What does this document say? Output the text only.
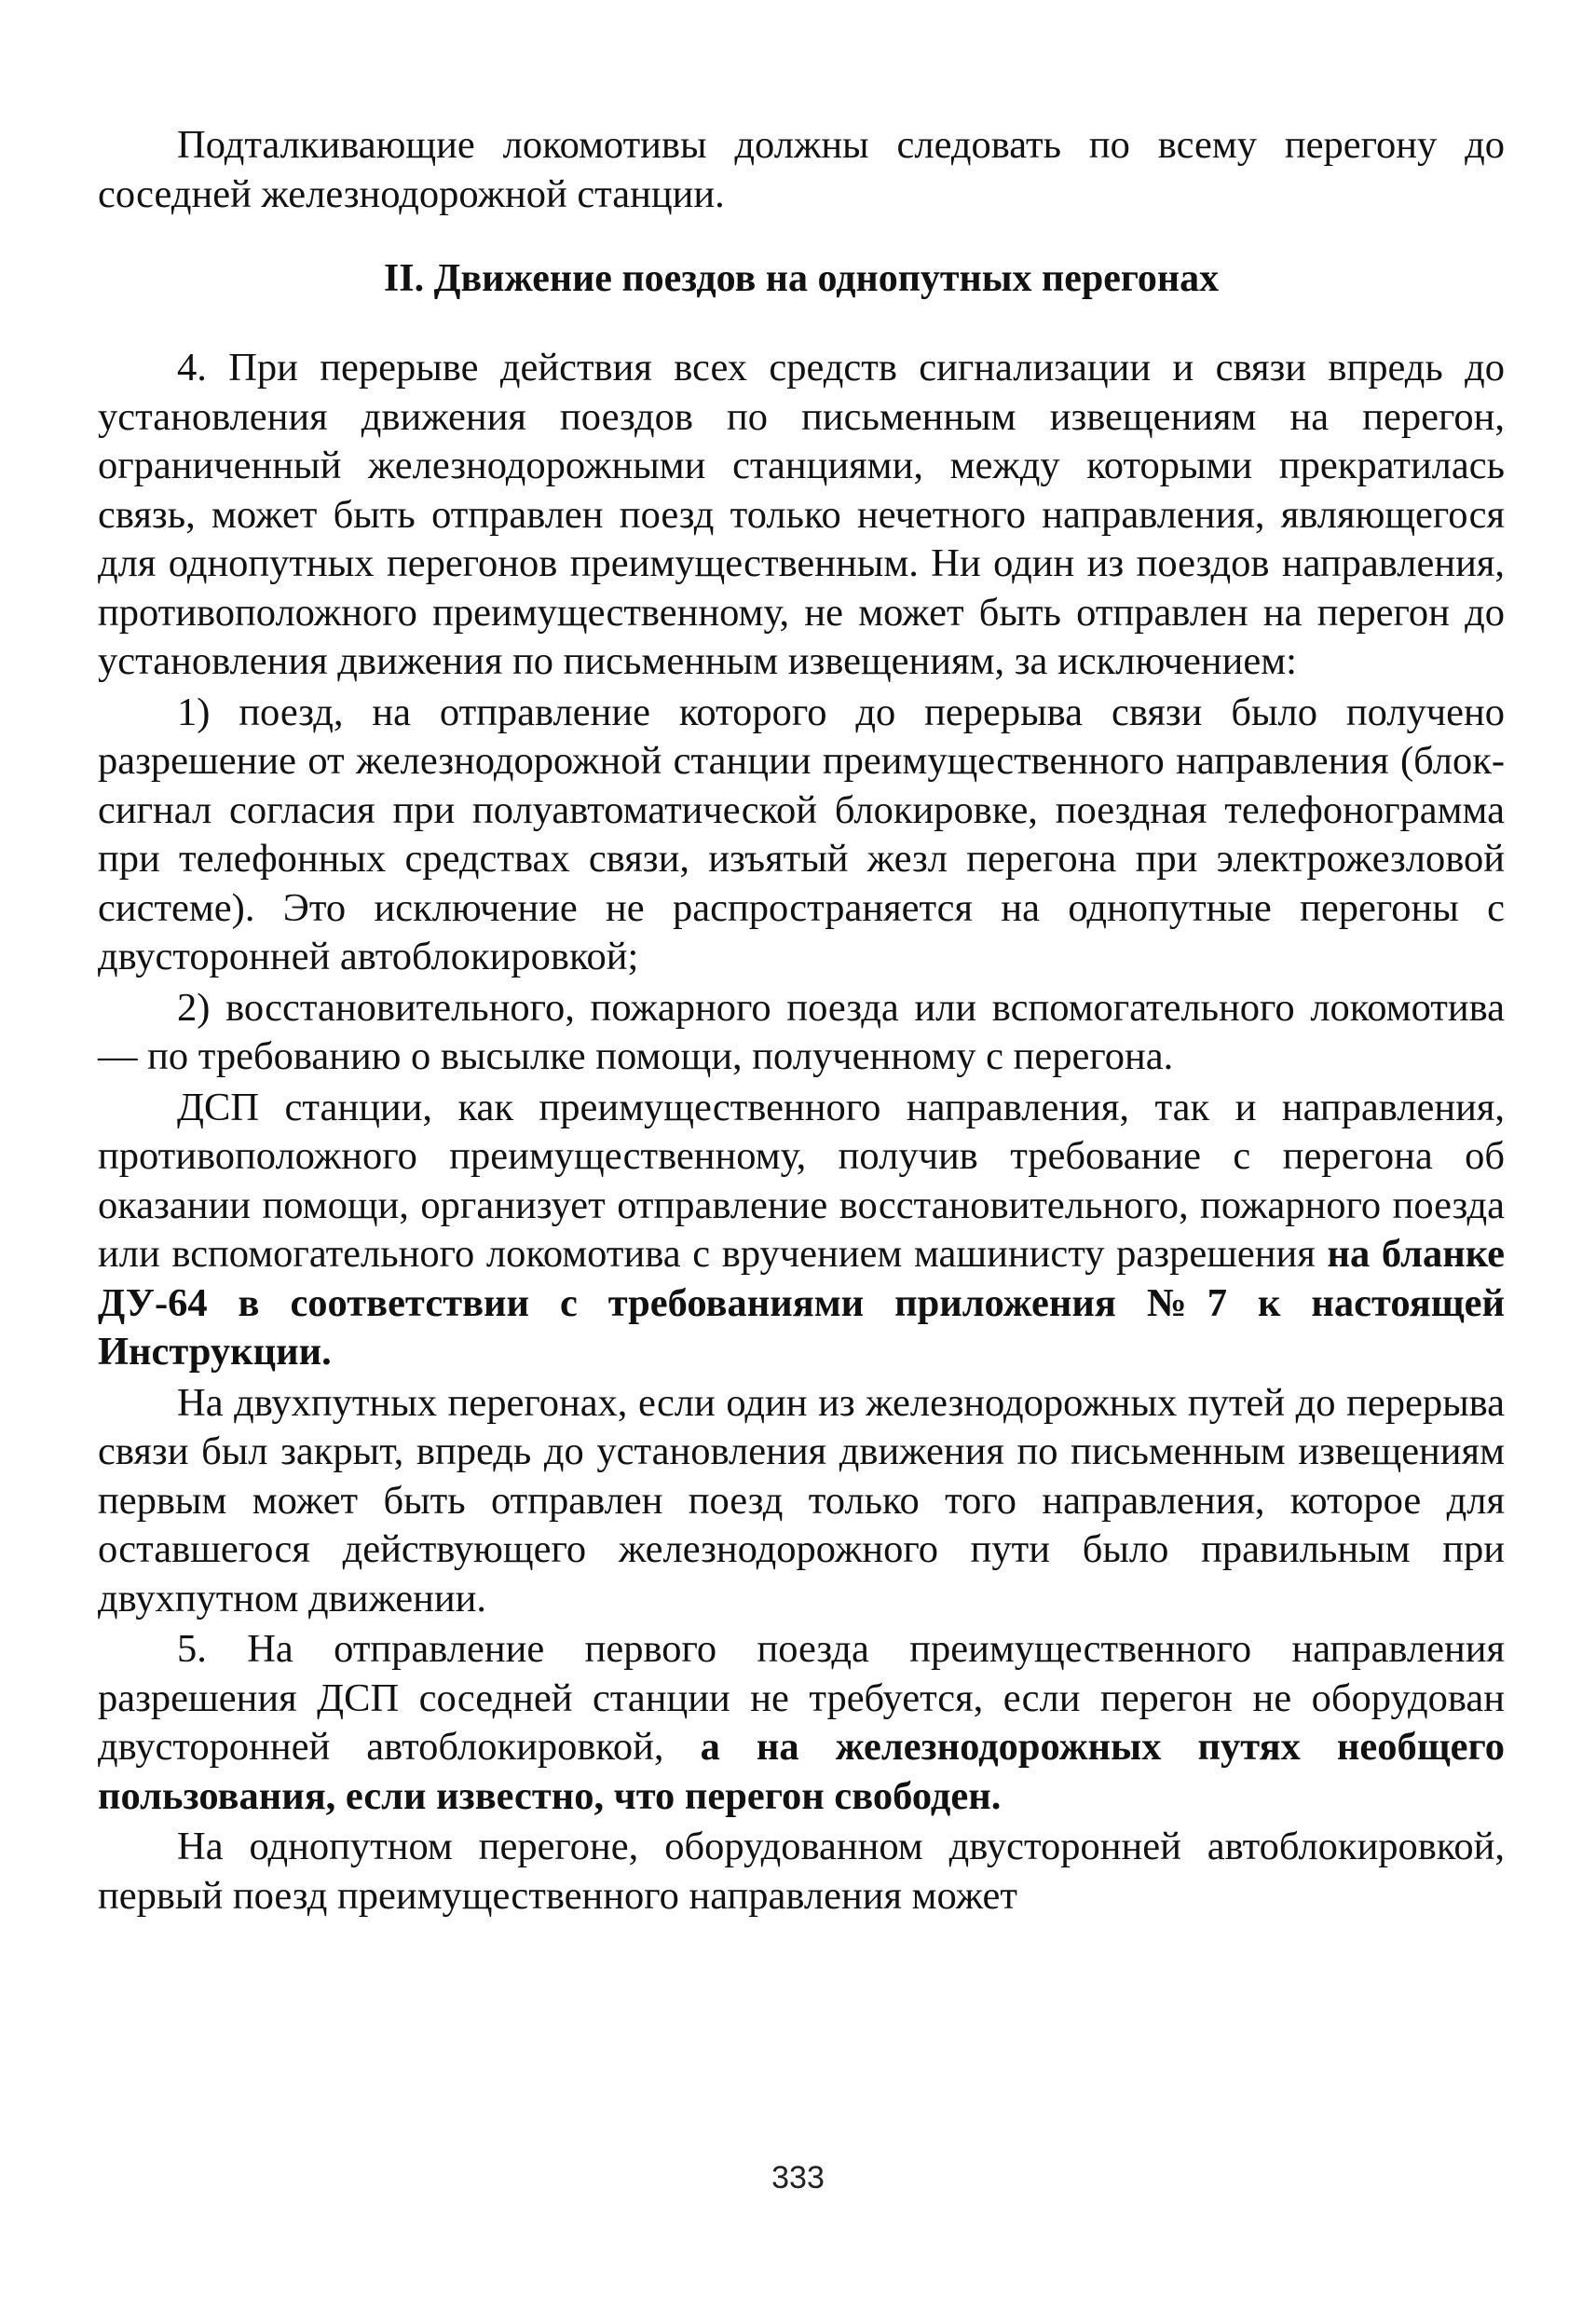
Подталкивающие локомотивы должны следовать по всему перегону до соседней железнодорожной станции.

II. Движение поездов на однопутных перегонах

4. При перерыве действия всех средств сигнализации и связи впредь до установления движения поездов по письменным извещениям на перегон, ограниченный железнодорожными станциями, между которыми прекратилась связь, может быть отправлен поезд только нечетного направления, являющегося для однопутных перегонов преимущественным. Ни один из поездов направления, противоположного преимущественному, не может быть отправлен на перегон до установления движения по письменным извещениям, за исключением:

1) поезд, на отправление которого до перерыва связи было получено разрешение от железнодорожной станции преимущественного направления (блок-сигнал согласия при полуавтоматической блокировке, поездная телефонограмма при телефонных средствах связи, изъятый жезл перегона при электрожезловой системе). Это исключение не распространяется на однопутные перегоны с двусторонней автоблокировкой;

2) восстановительного, пожарного поезда или вспомогательного локомотива — по требованию о высылке помощи, полученному с перегона.

ДСП станции, как преимущественного направления, так и направления, противоположного преимущественному, получив требование с перегона об оказании помощи, организует отправление восстановительного, пожарного поезда или вспомогательного локомотива с вручением машинисту разрешения на бланке ДУ-64 в соответствии с требованиями приложения №7 к настоящей Инструкции.

На двухпутных перегонах, если один из железнодорожных путей до перерыва связи был закрыт, впредь до установления движения по письменным извещениям первым может быть отправлен поезд только того направления, которое для оставшегося действующего железнодорожного пути было правильным при двухпутном движении.

5. На отправление первого поезда преимущественного направления разрешения ДСП соседней станции не требуется, если перегон не оборудован двусторонней автоблокировкой, а на железнодорожных путях необщего пользования, если известно, что перегон свободен.

На однопутном перегоне, оборудованном двусторонней автоблокировкой, первый поезд преимущественного направления может

333
